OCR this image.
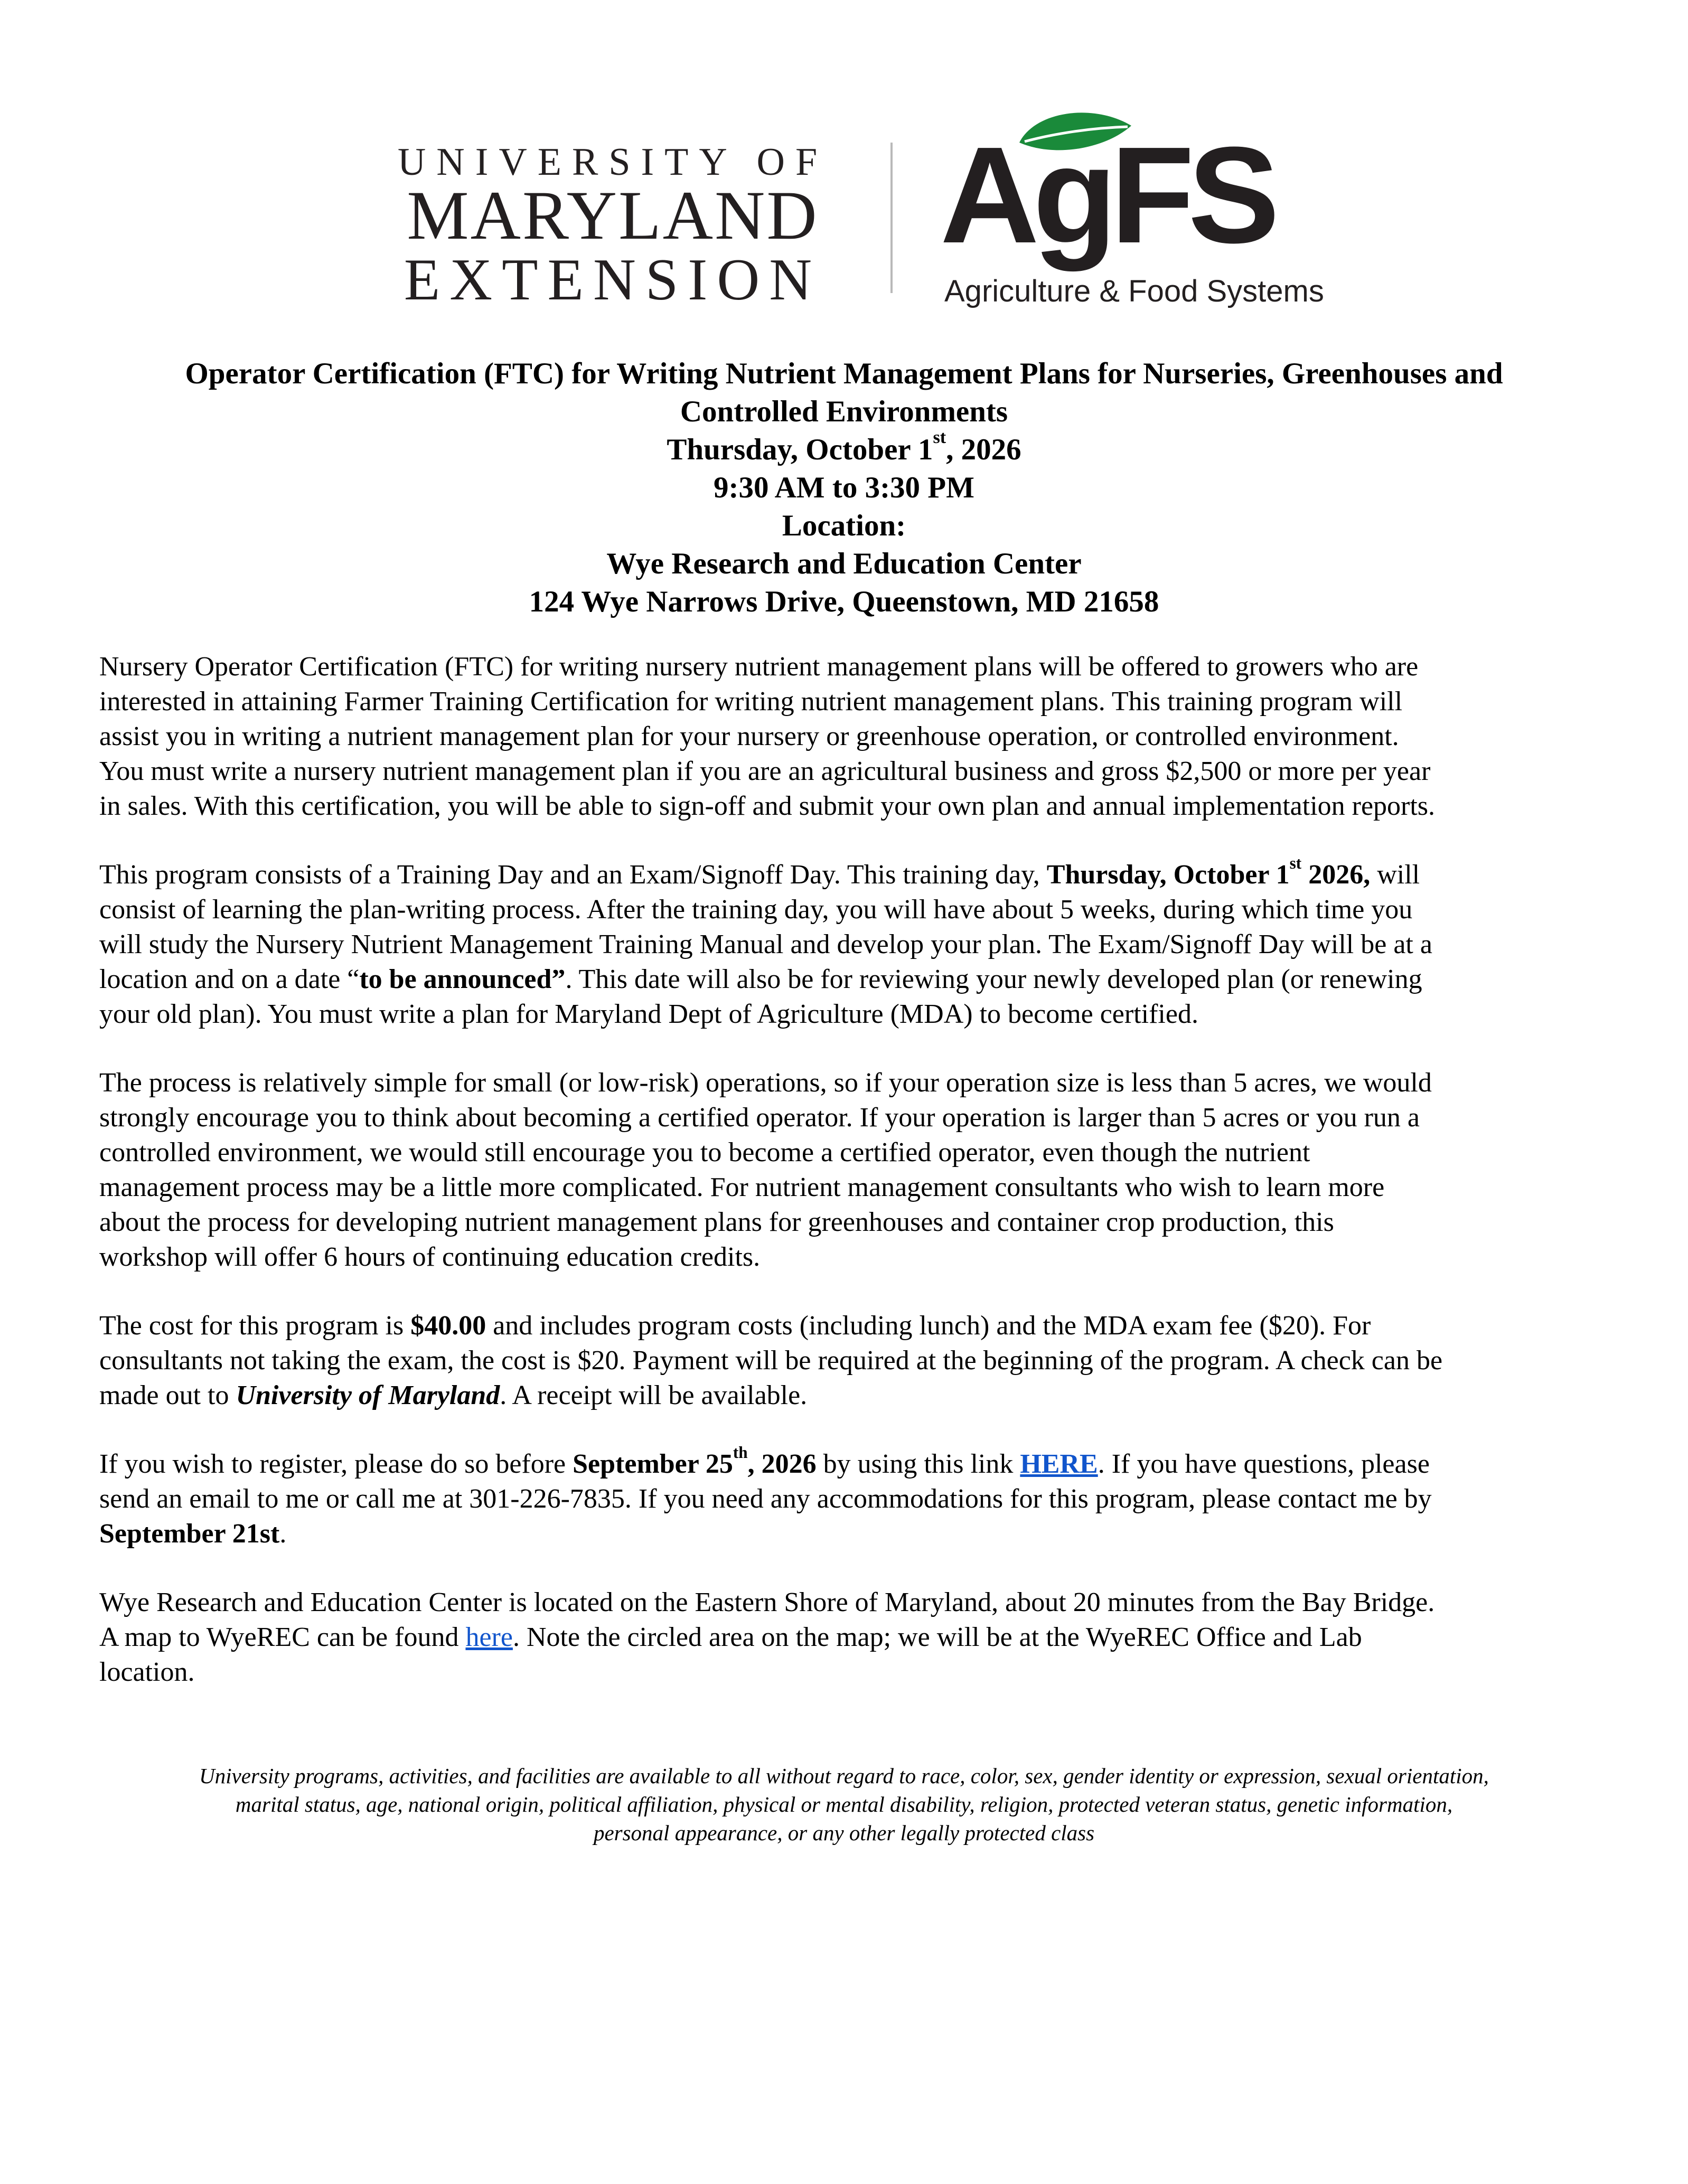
UNIVERSITY OF
MARYLAND
EXTENSION
AgFS
Agriculture & Food Systems
Operator Certification (FTC) for Writing Nutrient Management Plans for Nurseries, Greenhouses and
Controlled Environments
Thursday, October 1st, 2026
9:30 AM to 3:30 PM
Location:
Wye Research and Education Center
124 Wye Narrows Drive, Queenstown, MD 21658
Nursery Operator Certification (FTC) for writing nursery nutrient management plans will be offered to growers who are
interested in attaining Farmer Training Certification for writing nutrient management plans. This training program will
assist you in writing a nutrient management plan for your nursery or greenhouse operation, or controlled environment.
You must write a nursery nutrient management plan if you are an agricultural business and gross $2,500 or more per year
in sales. With this certification, you will be able to sign-off and submit your own plan and annual implementation reports.
This program consists of a Training Day and an Exam/Signoff Day. This training day, Thursday, October 1st 2026, will
consist of learning the plan-writing process. After the training day, you will have about 5 weeks, during which time you
will study the Nursery Nutrient Management Training Manual and develop your plan. The Exam/Signoff Day will be at a
location and on a date “to be announced”. This date will also be for reviewing your newly developed plan (or renewing
your old plan). You must write a plan for Maryland Dept of Agriculture (MDA) to become certified.
The process is relatively simple for small (or low-risk) operations, so if your operation size is less than 5 acres, we would
strongly encourage you to think about becoming a certified operator. If your operation is larger than 5 acres or you run a
controlled environment, we would still encourage you to become a certified operator, even though the nutrient
management process may be a little more complicated. For nutrient management consultants who wish to learn more
about the process for developing nutrient management plans for greenhouses and container crop production, this
workshop will offer 6 hours of continuing education credits.
The cost for this program is $40.00 and includes program costs (including lunch) and the MDA exam fee ($20). For
consultants not taking the exam, the cost is $20. Payment will be required at the beginning of the program. A check can be
made out to University of Maryland. A receipt will be available.
If you wish to register, please do so before September 25th, 2026 by using this link HERE. If you have questions, please
send an email to me or call me at 301-226-7835. If you need any accommodations for this program, please contact me by
September 21st.
Wye Research and Education Center is located on the Eastern Shore of Maryland, about 20 minutes from the Bay Bridge.
A map to WyeREC can be found here. Note the circled area on the map; we will be at the WyeREC Office and Lab
location.
University programs, activities, and facilities are available to all without regard to race, color, sex, gender identity or expression, sexual orientation,
marital status, age, national origin, political affiliation, physical or mental disability, religion, protected veteran status, genetic information,
personal appearance, or any other legally protected class
